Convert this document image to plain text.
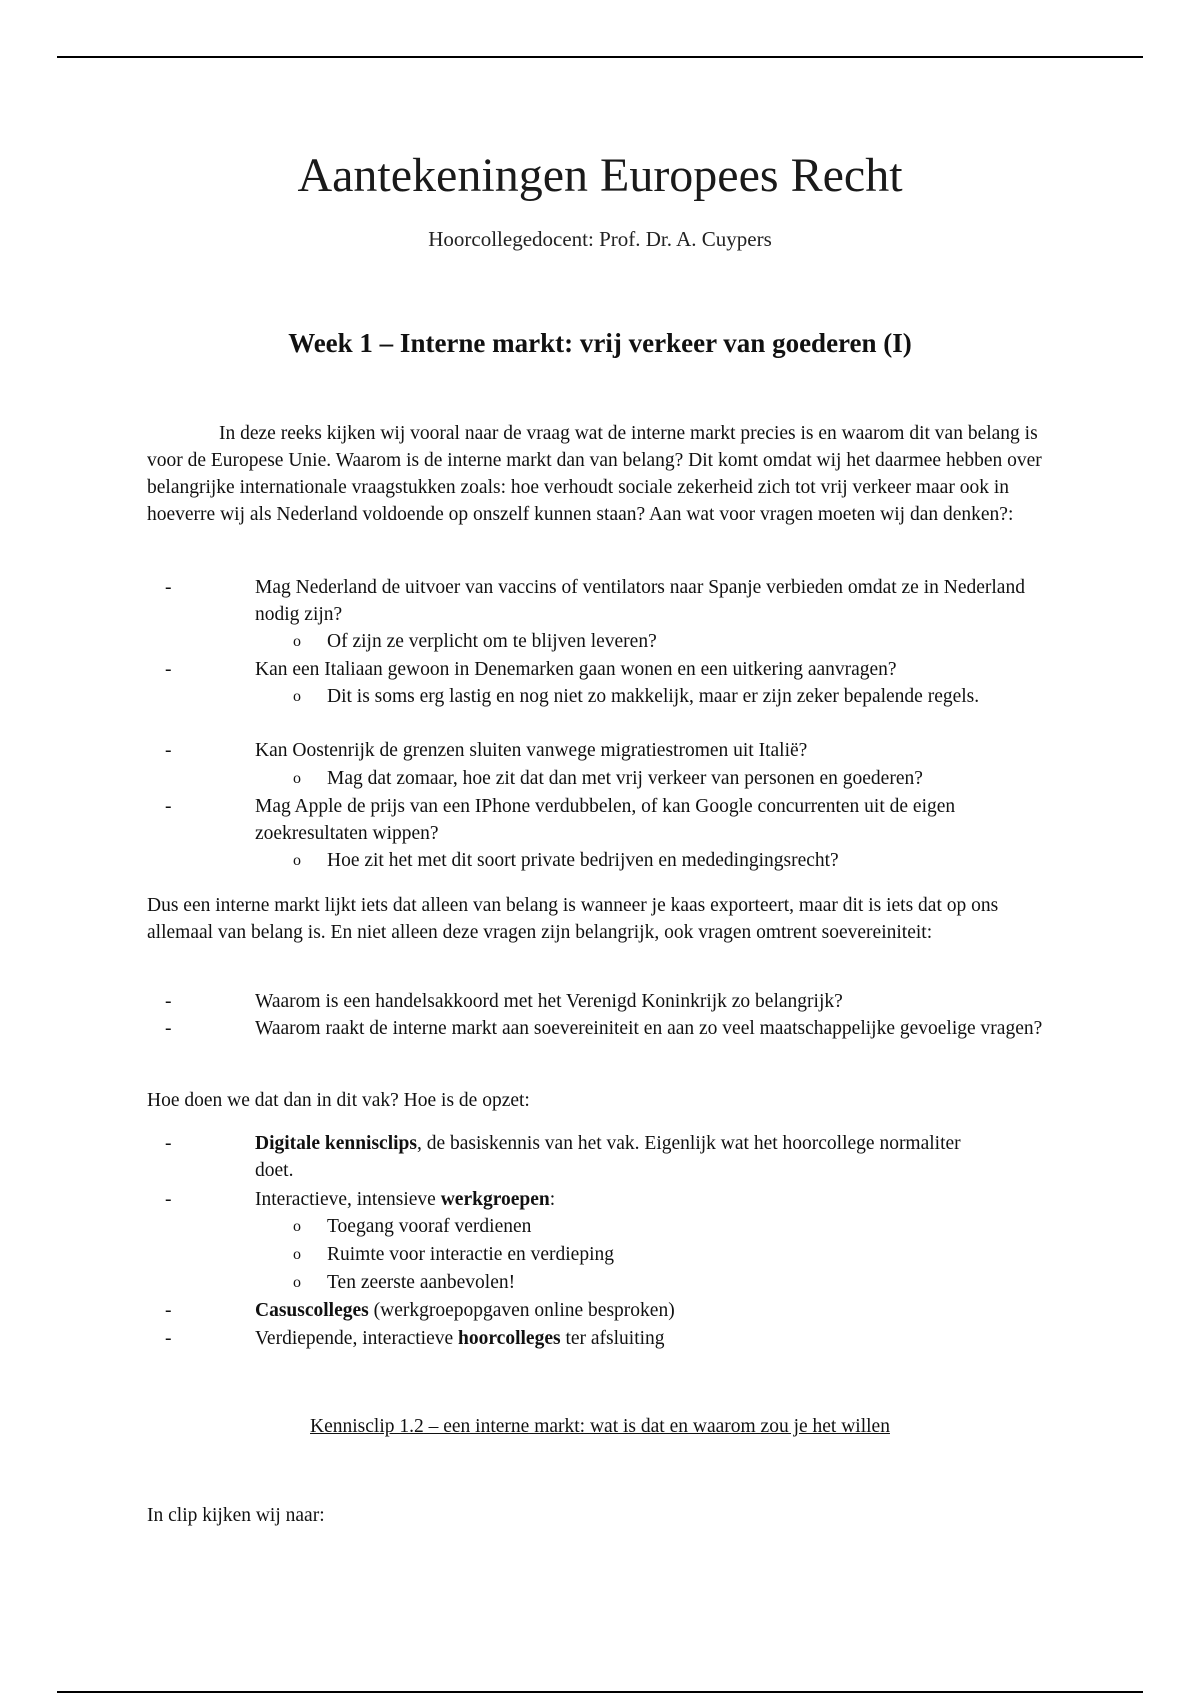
Aantekeningen Europees Recht
Hoorcollegedocent: Prof. Dr. A. Cuypers
Week 1 – Interne markt: vrij verkeer van goederen (I)
In deze reeks kijken wij vooral naar de vraag wat de interne markt precies is en waarom dit van belang is voor de Europese Unie. Waarom is de interne markt dan van belang? Dit komt omdat wij het daarmee hebben over belangrijke internationale vraagstukken zoals: hoe verhoudt sociale zekerheid zich tot vrij verkeer maar ook in hoeverre wij als Nederland voldoende op onszelf kunnen staan? Aan wat voor vragen moeten wij dan denken?:
-	Mag Nederland de uitvoer van vaccins of ventilators naar Spanje verbieden omdat ze in Nederland nodig zijn?
o Of zijn ze verplicht om te blijven leveren?
-	Kan een Italiaan gewoon in Denemarken gaan wonen en een uitkering aanvragen?
o Dit is soms erg lastig en nog niet zo makkelijk, maar er zijn zeker bepalende regels.
-	Kan Oostenrijk de grenzen sluiten vanwege migratiestromen uit Italië?
o Mag dat zomaar, hoe zit dat dan met vrij verkeer van personen en goederen?
-	Mag Apple de prijs van een IPhone verdubbelen, of kan Google concurrenten uit de eigen zoekresultaten wippen?
o Hoe zit het met dit soort private bedrijven en mededingingsrecht?
Dus een interne markt lijkt iets dat alleen van belang is wanneer je kaas exporteert, maar dit is iets dat op ons allemaal van belang is. En niet alleen deze vragen zijn belangrijk, ook vragen omtrent soevereiniteit:
-	Waarom is een handelsakkoord met het Verenigd Koninkrijk zo belangrijk?
-	Waarom raakt de interne markt aan soevereiniteit en aan zo veel maatschappelijke gevoelige vragen?
Hoe doen we dat dan in dit vak? Hoe is de opzet:
-	Digitale kennisclips, de basiskennis van het vak. Eigenlijk wat het hoorcollege normaliter doet.
-	Interactieve, intensieve werkgroepen:
o Toegang vooraf verdienen
o Ruimte voor interactie en verdieping
o Ten zeerste aanbevolen!
-	Casuscolleges (werkgroepopgaven online besproken)
-	Verdiepende, interactieve hoorcolleges ter afsluiting
Kennisclip 1.2 – een interne markt: wat is dat en waarom zou je het willen
In clip kijken wij naar:
